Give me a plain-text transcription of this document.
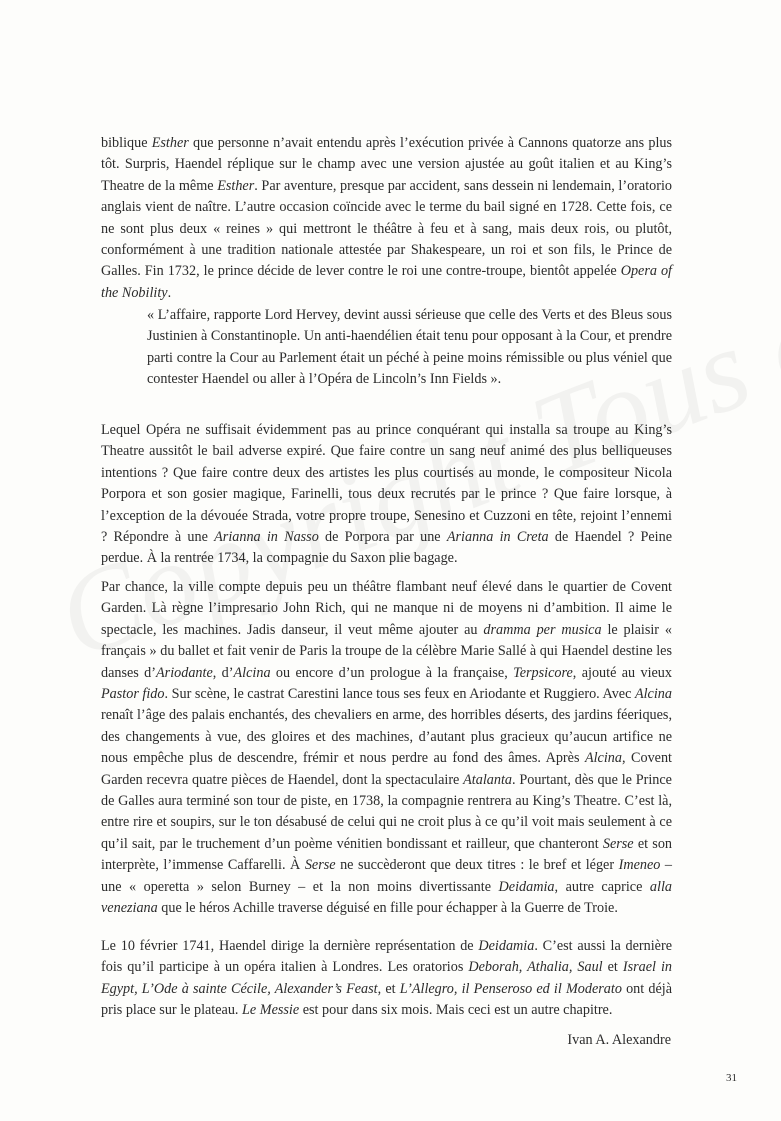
biblique Esther que personne n’avait entendu après l’exécution privée à Cannons quatorze ans plus tôt. Surpris, Haendel réplique sur le champ avec une version ajustée au goût italien et au King’s Theatre de la même Esther. Par aventure, presque par accident, sans dessein ni lendemain, l’oratorio anglais vient de naître. L’autre occasion coïncide avec le terme du bail signé en 1728. Cette fois, ce ne sont plus deux « reines » qui mettront le théâtre à feu et à sang, mais deux rois, ou plutôt, conformément à une tradition nationale attestée par Shakespeare, un roi et son fils, le Prince de Galles. Fin 1732, le prince décide de lever contre le roi une contre-troupe, bientôt appelée Opera of the Nobility.

« L’affaire, rapporte Lord Hervey, devint aussi sérieuse que celle des Verts et des Bleus sous Justinien à Constantinople. Un anti-haendélien était tenu pour opposant à la Cour, et prendre parti contre la Cour au Parlement était un péché à peine moins rémissible ou plus véniel que contester Haendel ou aller à l’Opéra de Lincoln’s Inn Fields ».

Lequel Opéra ne suffisait évidemment pas au prince conquérant qui installa sa troupe au King’s Theatre aussitôt le bail adverse expiré. Que faire contre un sang neuf animé des plus belliqueuses intentions ? Que faire contre deux des artistes les plus courtisés au monde, le compositeur Nicola Porpora et son gosier magique, Farinelli, tous deux recrutés par le prince ? Que faire lorsque, à l’exception de la dévouée Strada, votre propre troupe, Senesino et Cuzzoni en tête, rejoint l’ennemi ? Répondre à une Arianna in Nasso de Porpora par une Arianna in Creta de Haendel ? Peine perdue. À la rentrée 1734, la compagnie du Saxon plie bagage.

Par chance, la ville compte depuis peu un théâtre flambant neuf élevé dans le quartier de Covent Garden. Là règne l’impresario John Rich, qui ne manque ni de moyens ni d’ambition. Il aime le spectacle, les machines. Jadis danseur, il veut même ajouter au dramma per musica le plaisir « français » du ballet et fait venir de Paris la troupe de la célèbre Marie Sallé à qui Haendel destine les danses d’Ariodante, d’Alcina ou encore d’un prologue à la française, Terpsicore, ajouté au vieux Pastor fido. Sur scène, le castrat Carestini lance tous ses feux en Ariodante et Ruggiero. Avec Alcina renaît l’âge des palais enchantés, des chevaliers en arme, des horribles déserts, des jardins féeriques, des changements à vue, des gloires et des machines, d’autant plus gracieux qu’aucun artifice ne nous empêche plus de descendre, frémir et nous perdre au fond des âmes. Après Alcina, Covent Garden recevra quatre pièces de Haendel, dont la spectaculaire Atalanta. Pourtant, dès que le Prince de Galles aura terminé son tour de piste, en 1738, la compagnie rentrera au King’s Theatre. C’est là, entre rire et soupirs, sur le ton désabusé de celui qui ne croit plus à ce qu’il voit mais seulement à ce qu’il sait, par le truchement d’un poème vénitien bondissant et railleur, que chanteront Serse et son interprète, l’immense Caffarelli. À Serse ne succèderont que deux titres : le bref et léger Imeneo – une « operetta » selon Burney – et la non moins divertissante Deidamia, autre caprice alla veneziana que le héros Achille traverse déguisé en fille pour échapper à la Guerre de Troie.

Le 10 février 1741, Haendel dirige la dernière représentation de Deidamia. C’est aussi la dernière fois qu’il participe à un opéra italien à Londres. Les oratorios Deborah, Athalia, Saul et Israel in Egypt, L’Ode à sainte Cécile, Alexander’s Feast, et L’Allegro, il Penseroso ed il Moderato ont déjà pris place sur le plateau. Le Messie est pour dans six mois. Mais ceci est un autre chapitre.

Ivan A. Alexandre
31
